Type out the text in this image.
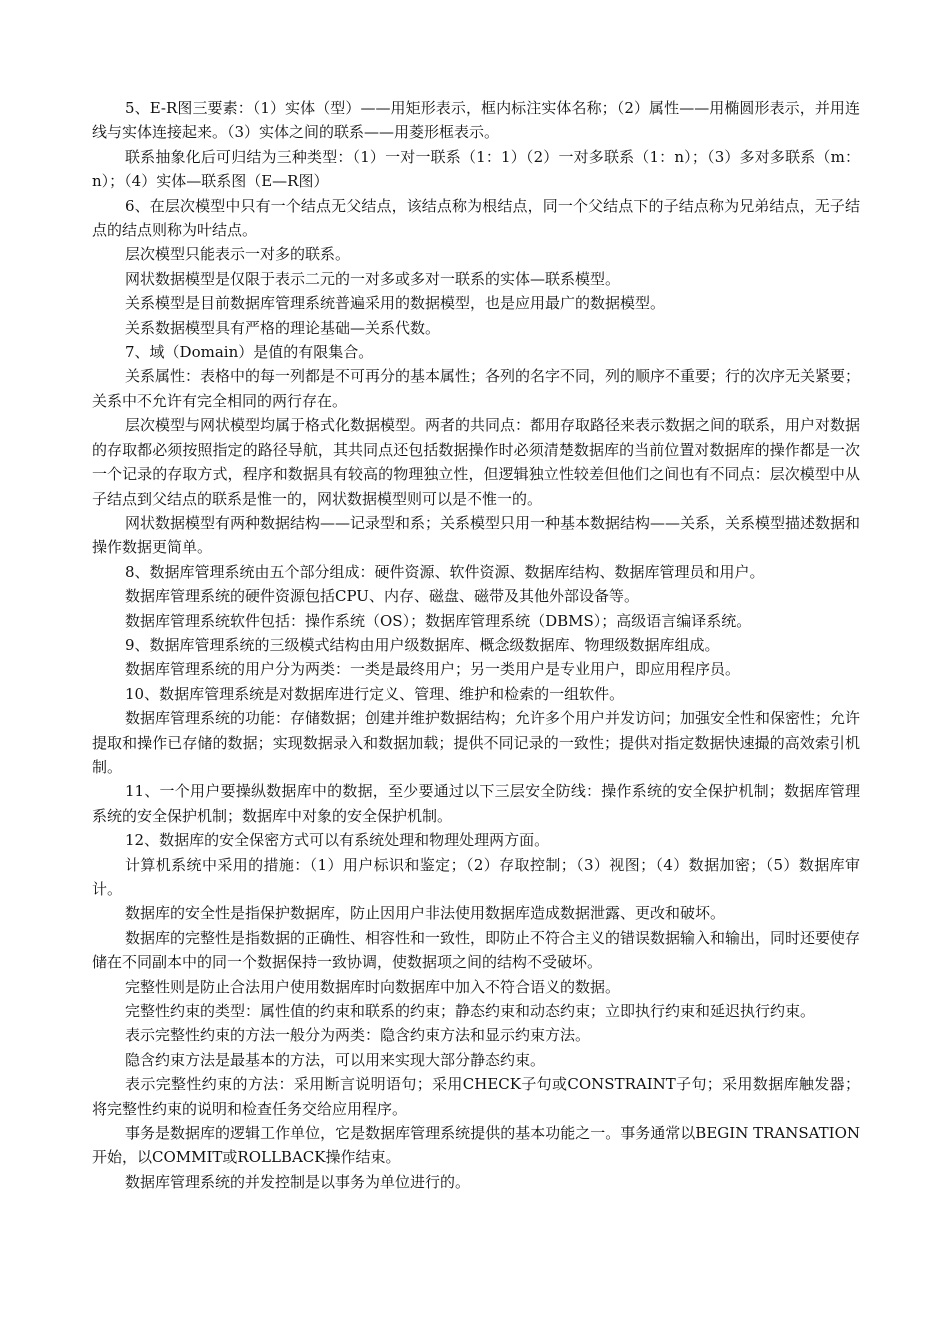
5、E-R图三要素：（1）实体（型）——用矩形表示，框内标注实体名称；（2）属性——用椭圆形表示，并用连线与实体连接起来。（3）实体之间的联系——用菱形框表示。

联系抽象化后可归结为三种类型：（1）一对一联系（1：1）（2）一对多联系（1：n）；（3）多对多联系（m：n）；（4）实体—联系图（E—R图）

6、在层次模型中只有一个结点无父结点，该结点称为根结点，同一个父结点下的子结点称为兄弟结点，无子结点的结点则称为叶结点。

层次模型只能表示一对多的联系。

网状数据模型是仅限于表示二元的一对多或多对一联系的实体—联系模型。

关系模型是目前数据库管理系统普遍采用的数据模型，也是应用最广的数据模型。

关系数据模型具有严格的理论基础—关系代数。

7、域（Domain）是值的有限集合。

关系属性：表格中的每一列都是不可再分的基本属性；各列的名字不同，列的顺序不重要；行的次序无关紧要；关系中不允许有完全相同的两行存在。

层次模型与网状模型均属于格式化数据模型。两者的共同点：都用存取路径来表示数据之间的联系，用户对数据的存取都必须按照指定的路径导航，其共同点还包括数据操作时必须清楚数据库的当前位置对数据库的操作都是一次一个记录的存取方式，程序和数据具有较高的物理独立性，但逻辑独立性较差但他们之间也有不同点：层次模型中从子结点到父结点的联系是惟一的，网状数据模型则可以是不惟一的。

网状数据模型有两种数据结构——记录型和系；关系模型只用一种基本数据结构——关系，关系模型描述数据和操作数据更简单。

8、数据库管理系统由五个部分组成：硬件资源、软件资源、数据库结构、数据库管理员和用户。

数据库管理系统的硬件资源包括CPU、内存、磁盘、磁带及其他外部设备等。

数据库管理系统软件包括：操作系统（OS）；数据库管理系统（DBMS）；高级语言编译系统。

9、数据库管理系统的三级模式结构由用户级数据库、概念级数据库、物理级数据库组成。

数据库管理系统的用户分为两类：一类是最终用户；另一类用户是专业用户，即应用程序员。

10、数据库管理系统是对数据库进行定义、管理、维护和检索的一组软件。

数据库管理系统的功能：存储数据；创建并维护数据结构；允许多个用户并发访问；加强安全性和保密性；允许提取和操作已存储的数据；实现数据录入和数据加载；提供不同记录的一致性；提供对指定数据快速撮的高效索引机制。

11、一个用户要操纵数据库中的数据，至少要通过以下三层安全防线：操作系统的安全保护机制；数据库管理系统的安全保护机制；数据库中对象的安全保护机制。

12、数据库的安全保密方式可以有系统处理和物理处理两方面。

计算机系统中采用的措施：（1）用户标识和鉴定；（2）存取控制；（3）视图；（4）数据加密；（5）数据库审计。

数据库的安全性是指保护数据库，防止因用户非法使用数据库造成数据泄露、更改和破坏。

数据库的完整性是指数据的正确性、相容性和一致性，即防止不符合主义的错误数据输入和输出，同时还要使存储在不同副本中的同一个数据保持一致协调，使数据项之间的结构不受破坏。

完整性则是防止合法用户使用数据库时向数据库中加入不符合语义的数据。

完整性约束的类型：属性值的约束和联系的约束；静态约束和动态约束；立即执行约束和延迟执行约束。

表示完整性约束的方法一般分为两类：隐含约束方法和显示约束方法。

隐含约束方法是最基本的方法，可以用来实现大部分静态约束。

表示完整性约束的方法：采用断言说明语句；采用CHECK子句或CONSTRAINT子句；采用数据库触发器；将完整性约束的说明和检查任务交给应用程序。

事务是数据库的逻辑工作单位，它是数据库管理系统提供的基本功能之一。事务通常以BEGIN TRANSATION开始，以COMMIT或ROLLBACK操作结束。

数据库管理系统的并发控制是以事务为单位进行的。
